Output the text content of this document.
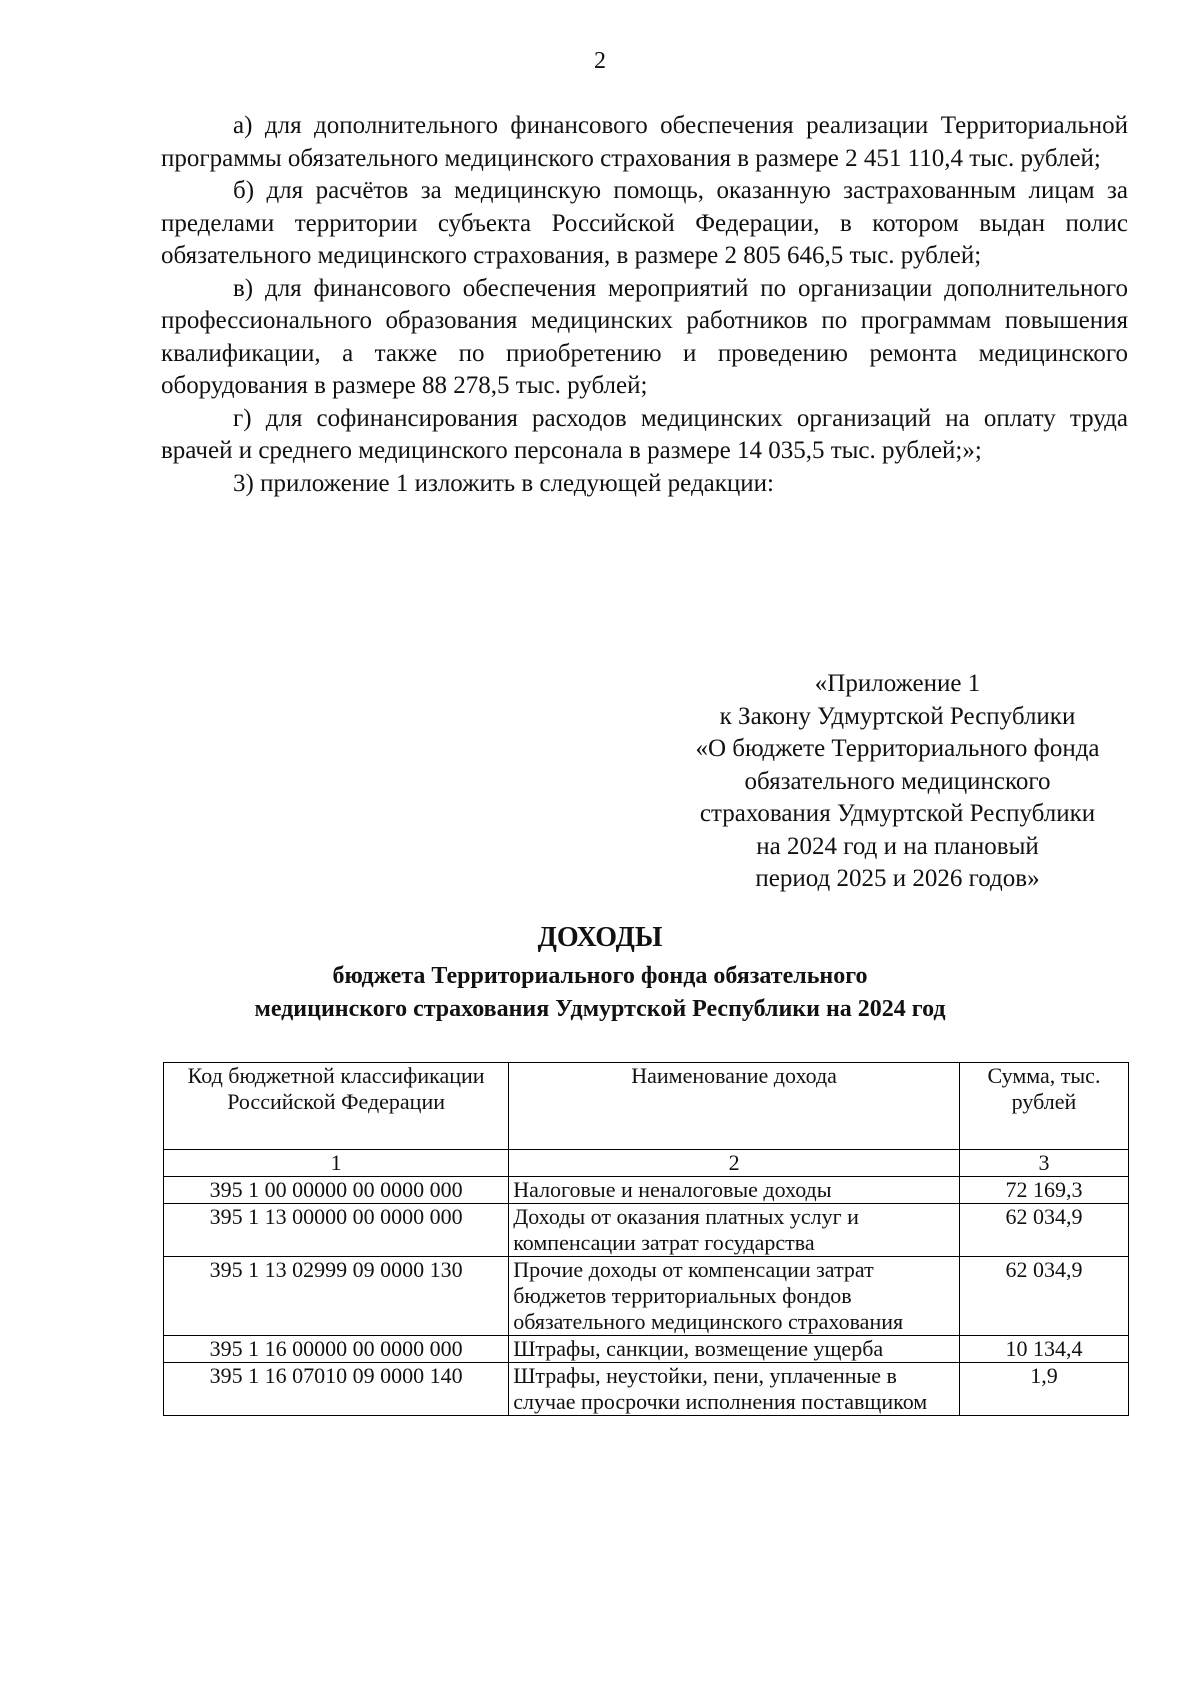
2

а) для дополнительного финансового обеспечения реализации Территориальной программы обязательного медицинского страхования в размере 2 451 110,4 тыс. рублей;

б) для расчётов за медицинскую помощь, оказанную застрахованным лицам за пределами территории субъекта Российской Федерации, в котором выдан полис обязательного медицинского страхования, в размере 2 805 646,5 тыс. рублей;

в) для финансового обеспечения мероприятий по организации дополнительного профессионального образования медицинских работников по программам повышения квалификации, а также по приобретению и проведению ремонта медицинского оборудования в размере 88 278,5 тыс. рублей;

г) для софинансирования расходов медицинских организаций на оплату труда врачей и среднего медицинского персонала в размере 14 035,5 тыс. рублей;»;

3) приложение 1 изложить в следующей редакции:

«Приложение 1
к Закону Удмуртской Республики
«О бюджете Территориального фонда
обязательного медицинского
страхования Удмуртской Республики
на 2024 год и на плановый
период 2025 и 2026 годов»
ДОХОДЫ
бюджета Территориального фонда обязательного
медицинского страхования Удмуртской Республики на 2024 год
Код бюджетной классификации Российской Федерации	Наименование дохода	Сумма, тыс. рублей
1	2	3
395 1 00 00000 00 0000 000	Налоговые и неналоговые доходы	72 169,3
395 1 13 00000 00 0000 000	Доходы от оказания платных услуг и компенсации затрат государства	62 034,9
395 1 13 02999 09 0000 130	Прочие доходы от компенсации затрат бюджетов территориальных фондов обязательного медицинского страхования	62 034,9
395 1 16 00000 00 0000 000	Штрафы, санкции, возмещение ущерба	10 134,4
395 1 16 07010 09 0000 140	Штрафы, неустойки, пени, уплаченные в случае просрочки исполнения поставщиком	1,9
